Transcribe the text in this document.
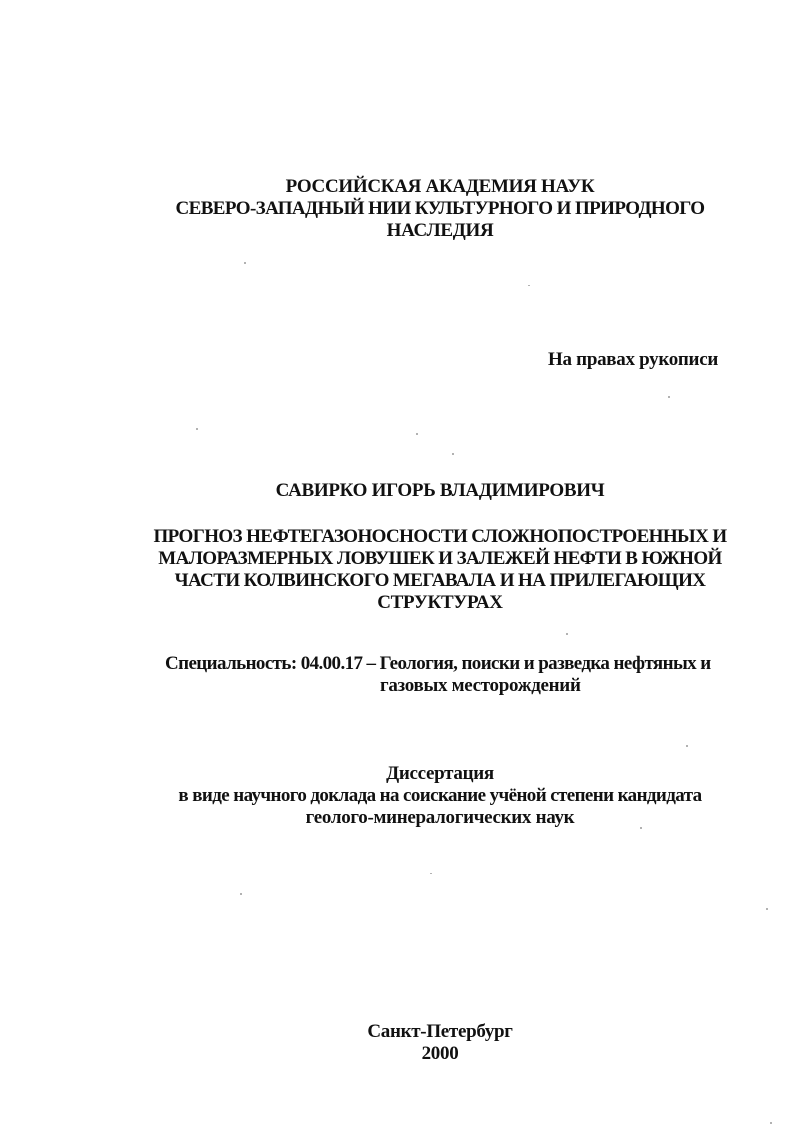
РОССИЙСКАЯ АКАДЕМИЯ НАУК
СЕВЕРО-ЗАПАДНЫЙ НИИ КУЛЬТУРНОГО И ПРИРОДНОГО
НАСЛЕДИЯ
На правах рукописи
САВИРКО ИГОРЬ ВЛАДИМИРОВИЧ
ПРОГНОЗ НЕФТЕГАЗОНОСНОСТИ СЛОЖНОПОСТРОЕННЫХ И
МАЛОРАЗМЕРНЫХ ЛОВУШЕК И ЗАЛЕЖЕЙ НЕФТИ В ЮЖНОЙ
ЧАСТИ КОЛВИНСКОГО МЕГАВАЛА И НА ПРИЛЕГАЮЩИХ
СТРУКТУРАХ
Специальность: 04.00.17 – Геология, поиски и разведка нефтяных и
газовых месторождений
Диссертация
в виде научного доклада на соискание учёной степени кандидата
геолого-минералогических наук
Санкт-Петербург
2000
